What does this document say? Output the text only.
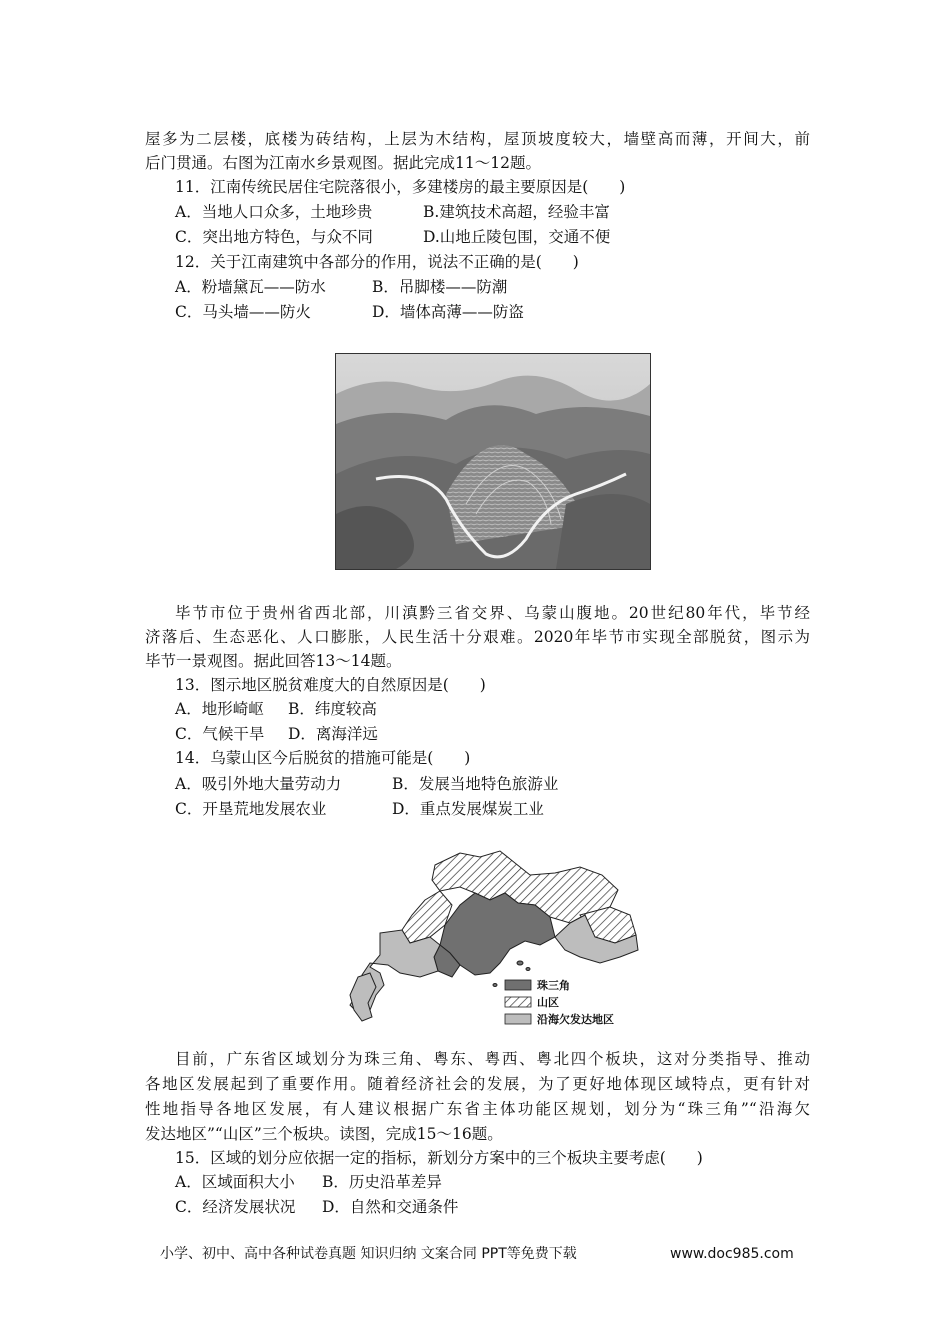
屋多为二层楼，底楼为砖结构，上层为木结构，屋顶坡度较大，墙壁高而薄，开间大，前
后门贯通。右图为江南水乡景观图。据此完成11～12题。
11．江南传统民居住宅院落很小，多建楼房的最主要原因是(　　)
A．当地人口众多，土地珍贵	B.建筑技术高超，经验丰富
C．突出地方特色，与众不同	D.山地丘陵包围，交通不便
12．关于江南建筑中各部分的作用，说法不正确的是(　　)
A．粉墙黛瓦——防水	B．吊脚楼——防潮
C．马头墙——防火	D．墙体高薄——防盗
毕节市位于贵州省西北部，川滇黔三省交界、乌蒙山腹地。20世纪80年代，毕节经
济落后、生态恶化、人口膨胀，人民生活十分艰难。2020年毕节市实现全部脱贫，图示为
毕节一景观图。据此回答13～14题。
13．图示地区脱贫难度大的自然原因是(　　)
A．地形崎岖 B．纬度较高
C．气候干旱 D．离海洋远
14．乌蒙山区今后脱贫的措施可能是(　　)
A．吸引外地大量劳动力	B．发展当地特色旅游业
C．开垦荒地发展农业	D．重点发展煤炭工业
珠三角
山区
沿海欠发达地区
目前，广东省区域划分为珠三角、粤东、粤西、粤北四个板块，这对分类指导、推动
各地区发展起到了重要作用。随着经济社会的发展，为了更好地体现区域特点，更有针对
性地指导各地区发展，有人建议根据广东省主体功能区规划，划分为“珠三角”“沿海欠
发达地区”“山区”三个板块。读图，完成15～16题。
15．区域的划分应依据一定的指标，新划分方案中的三个板块主要考虑(　　)
A．区域面积大小 B．历史沿革差异
C．经济发展状况 D．自然和交通条件
小学、初中、高中各种试卷真题 知识归纳 文案合同 PPT等免费下载	www.doc985.com
